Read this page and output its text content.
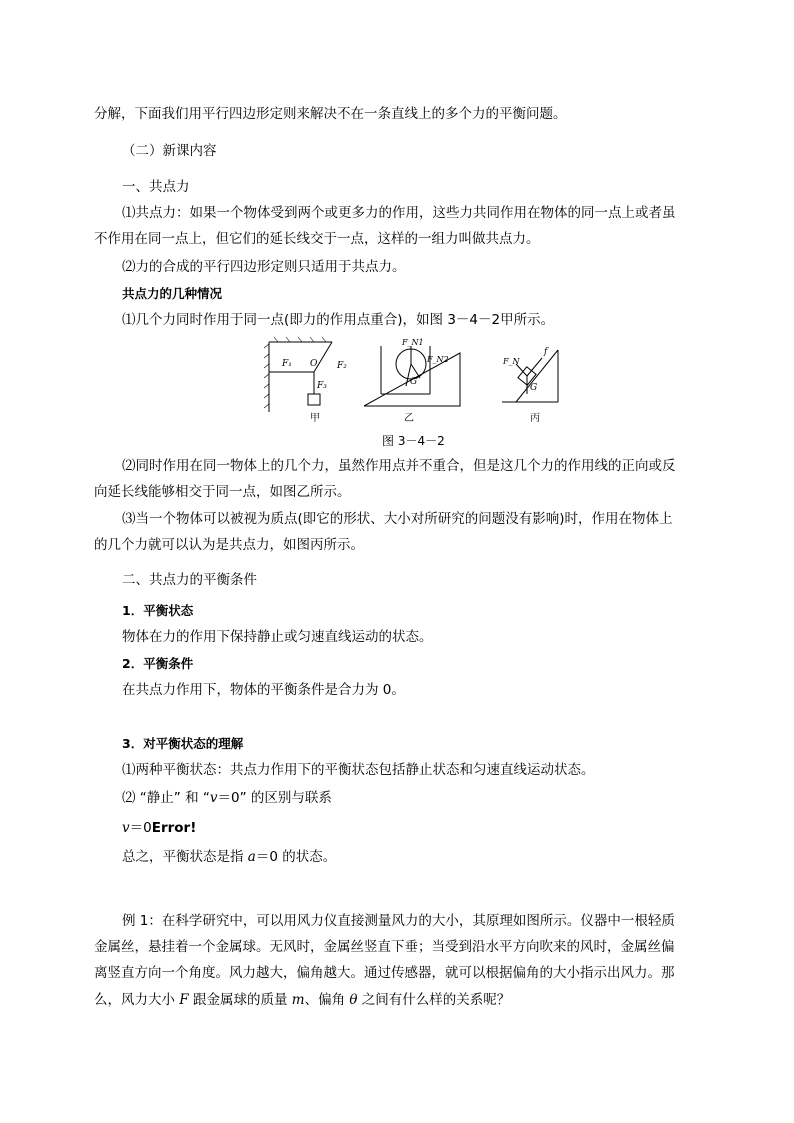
分解，下面我们用平行四边形定则来解决不在一条直线上的多个力的平衡问题。
（二）新课内容
一、共点力
⑴共点力：如果一个物体受到两个或更多力的作用，这些力共同作用在物体的同一点上或者虽
不作用在同一点上，但它们的延长线交于一点，这样的一组力叫做共点力。
⑵力的合成的平行四边形定则只适用于共点力。
共点力的几种情况
⑴几个力同时作用于同一点(即力的作用点重合)，如图 3－4－2甲所示。
F₁ O F₂
F₃
甲
F_N1
F_N2
G
乙
F_N
f
G
丙
图 3－4－2
⑵同时作用在同一物体上的几个力，虽然作用点并不重合，但是这几个力的作用线的正向或反
向延长线能够相交于同一点，如图乙所示。
⑶当一个物体可以被视为质点(即它的形状、大小对所研究的问题没有影响)时，作用在物体上
的几个力就可以认为是共点力，如图丙所示。
二、共点力的平衡条件
1．平衡状态
物体在力的作用下保持静止或匀速直线运动的状态。
2．平衡条件
在共点力作用下，物体的平衡条件是合力为 0。
3．对平衡状态的理解
⑴两种平衡状态：共点力作用下的平衡状态包括静止状态和匀速直线运动状态。
⑵ “静止” 和 “v＝0” 的区别与联系
v＝0Error!
总之，平衡状态是指 a＝0 的状态。
例 1：在科学研究中，可以用风力仪直接测量风力的大小，其原理如图所示。仪器中一根轻质
金属丝，悬挂着一个金属球。无风时，金属丝竖直下垂；当受到沿水平方向吹来的风时，金属丝偏
离竖直方向一个角度。风力越大，偏角越大。通过传感器，就可以根据偏角的大小指示出风力。那
么，风力大小 F 跟金属球的质量 m、偏角 θ 之间有什么样的关系呢？
